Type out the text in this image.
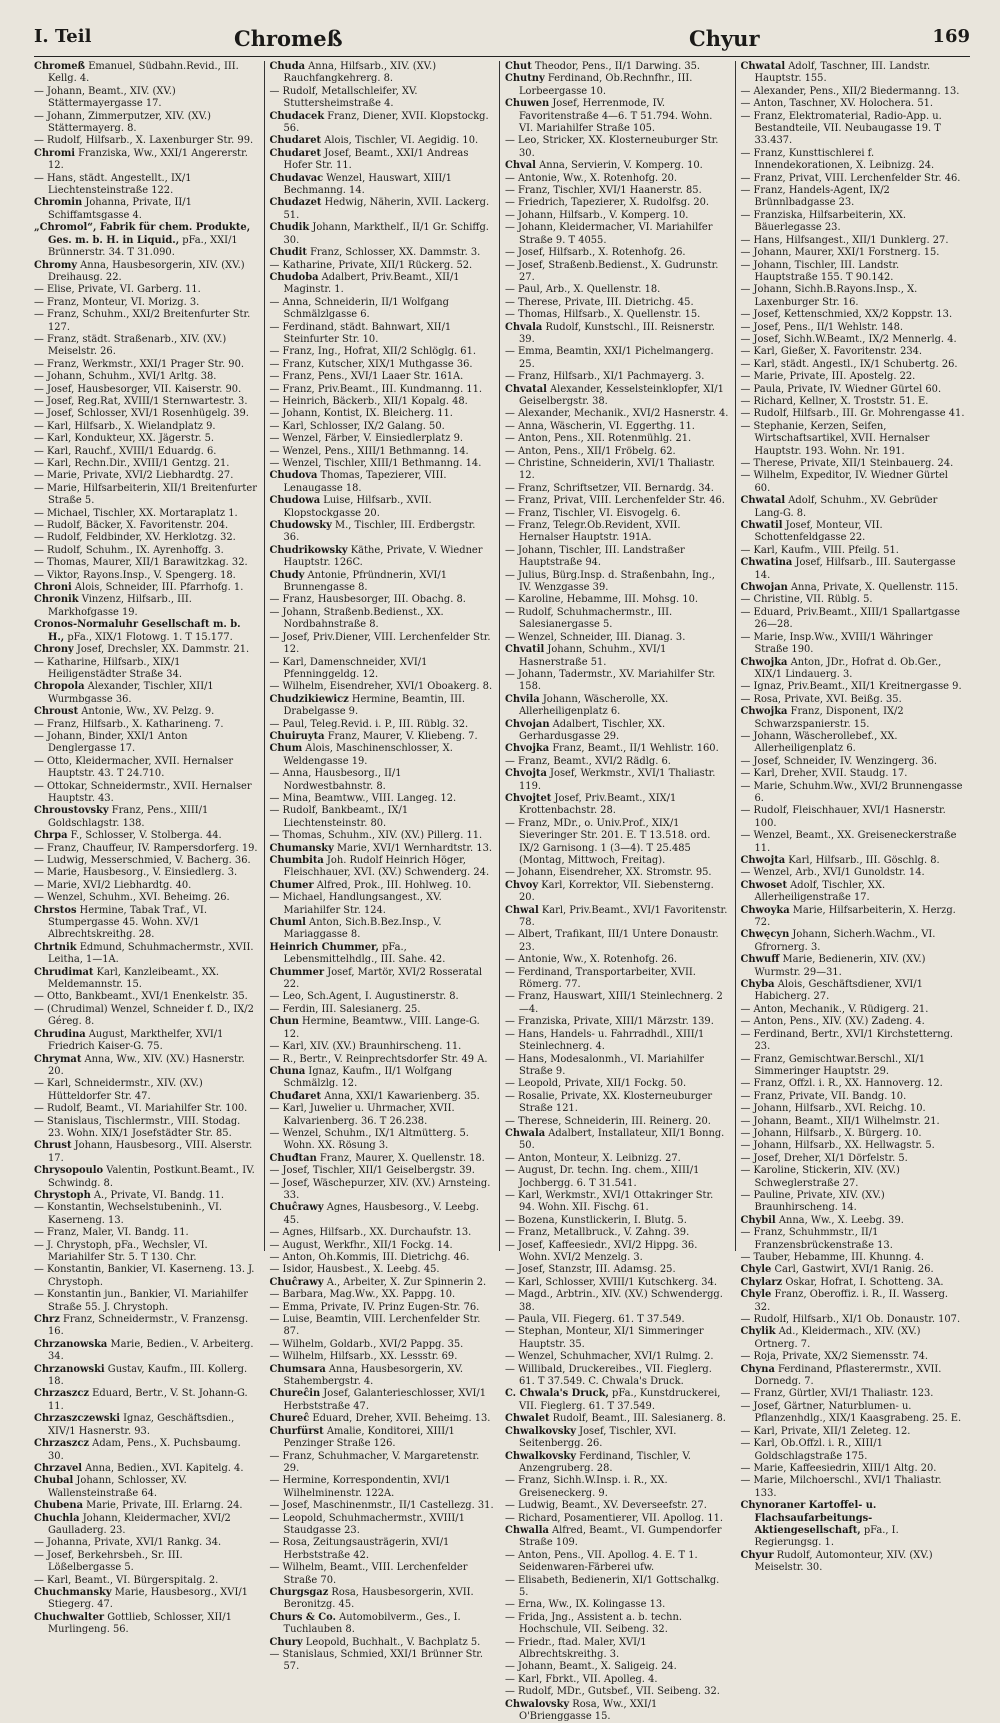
I. Teil	Chromeß	Chyur	169
Chromeß Emanuel, Südbahn.Revid., III. Kellg. 4.
— Johann, Beamt., XIV. (XV.) Stättermayergasse 17.
— Johann, Zimmerputzer, XIV. (XV.) Stättermayerg. 8.
— Rudolf, Hilfsarb., X. Laxenburger Str. 99.
Chromi Franziska, Ww., XXI/1 Angererstr. 12.
— Hans, städt. Angestellt., IX/1 Liechtensteinstraße 122.
Chromin Johanna, Private, II/1 Schiffamtsgasse 4.
„Chromol“, Fabrik für chem. Produkte, Ges. m. b. H. in Liquid., pFa., XXI/1 Brünnerstr. 34. T 31.090.
Chromy Anna, Hausbesorgerin, XIV. (XV.) Dreihausg. 22.
— Elise, Private, VI. Garberg. 11.
— Franz, Monteur, VI. Morizg. 3.
— Franz, Schuhm., XXI/2 Breitenfurter Str. 127.
— Franz, städt. Straßenarb., XIV. (XV.) Meiselstr. 26.
— Franz, Werkmstr., XXI/1 Prager Str. 90.
— Johann, Schuhm., XVI/1 Arltg. 38.
— Josef, Hausbesorger, VII. Kaiserstr. 90.
— Josef, Reg.Rat, XVIII/1 Sternwartestr. 3.
— Josef, Schlosser, XVI/1 Rosenhügelg. 39.
— Karl, Hilfsarb., X. Wielandplatz 9.
— Karl, Kondukteur, XX. Jägerstr. 5.
— Karl, Rauchf., XVIII/1 Eduardg. 6.
— Karl, Rechn.Dir., XVIII/1 Gentzg. 21.
— Marie, Private, XVI/2 Liebhardtg. 27.
— Marie, Hilfsarbeiterin, XII/1 Breitenfurter Straße 5.
— Michael, Tischler, XX. Mortaraplatz 1.
— Rudolf, Bäcker, X. Favoritenstr. 204.
— Rudolf, Feldbinder, XV. Herklotzg. 32.
— Rudolf, Schuhm., IX. Ayrenhoffg. 3.
— Thomas, Maurer, XII/1 Barawitzkag. 32.
— Viktor, Rayons.Insp., V. Spengerg. 18.
Chroni Alois, Schneider, III. Pfarrhofg. 1.
Chronik Vinzenz, Hilfsarb., III. Markhofgasse 19.
Cronos-Normaluhr Gesellschaft m. b. H., pFa., XIX/1 Flotowg. 1. T 15.177.
Chrony Josef, Drechsler, XX. Dammstr. 21.
— Katharine, Hilfsarb., XIX/1 Heiligenstädter Straße 34.
Chropola Alexander, Tischler, XII/1 Wurmbgasse 36.
Chroust Antonie, Ww., XV. Pelzg. 9.
— Franz, Hilfsarb., X. Katharineng. 7.
— Johann, Binder, XXI/1 Anton Denglergasse 17.
— Otto, Kleidermacher, XVII. Hernalser Hauptstr. 43. T 24.710.
— Ottokar, Schneidermstr., XVII. Hernalser Hauptstr. 43.
Chroustovsky Franz, Pens., XIII/1 Goldschlagstr. 138.
Chrpa F., Schlosser, V. Stolberga. 44.
— Franz, Chauffeur, IV. Rampersdorferg. 19.
— Ludwig, Messerschmied, V. Bacherg. 36.
— Marie, Hausbesorg., V. Einsiedlerg. 3.
— Marie, XVI/2 Liebhardtg. 40.
— Wenzel, Schuhm., XVI. Beheimg. 26.
Chrstos Hermine, Tabak Traf., VI. Stumpergasse 45. Wohn. XV/1 Albrechtskreithg. 28.
Chrtnik Edmund, Schuhmachermstr., XVII. Leitha, 1—1A.
Chrudimat Karl, Kanzleibeamt., XX. Meldemannstr. 15.
— Otto, Bankbeamt., XVI/1 Enenkelstr. 35.
— (Chrudimal) Wenzel, Schneider f. D., IX/2 Géreg. 8.
Chrudina August, Markthelfer, XVI/1 Friedrich Kaiser-G. 75.
Chrymat Anna, Ww., XIV. (XV.) Hasnerstr. 20.
— Karl, Schneidermstr., XIV. (XV.) Hütteldorfer Str. 47.
— Rudolf, Beamt., VI. Mariahilfer Str. 100.
— Stanislaus, Tischlermstr., VIII. Stodag. 23. Wohn. XIX/1 Josefstädter Str. 85.
Chrust Johann, Hausbesorg., VIII. Alserstr. 17.
Chrysopoulo Valentin, Postkunt.Beamt., IV. Schwindg. 8.
Chrystoph A., Private, VI. Bandg. 11.
— Konstantin, Wechselstubeninh., VI. Kaserneng. 13.
— Franz, Maler, VI. Bandg. 11.
— J. Chrystoph, pFa., Wechsler, VI. Mariahilfer Str. 5. T 130. Chr.
— Konstantin, Bankier, VI. Kaserneng. 13. J. Chrystoph.
— Konstantin jun., Bankier, VI. Mariahilfer Straße 55. J. Chrystoph.
Chrz Franz, Schneidermstr., V. Franzensg. 16.
Chrzanowska Marie, Bedien., V. Arbeiterg. 34.
Chrzanowski Gustav, Kaufm., III. Kollerg. 18.
Chrzaszcz Eduard, Bertr., V. St. Johann-G. 11.
Chrzaszczewski Ignaz, Geschäftsdien., XIV/1 Hasnerstr. 93.
Chrzaszcz Adam, Pens., X. Puchsbaumg. 30.
Chrzavel Anna, Bedien., XVI. Kapitelg. 4.
Chubal Johann, Schlosser, XV. Wallensteinstraße 64.
Chubena Marie, Private, III. Erlarng. 24.
Chuchla Johann, Kleidermacher, XVI/2 Gaulladerg. 23.
— Johanna, Private, XVI/1 Rankg. 34.
— Josef, Berkehrsbeh., Sr. III. Lößelbergasse 5.
— Karl, Beamt., VI. Bürgerspitalg. 2.
Chuchmansky Marie, Hausbesorg., XVI/1 Stiegerg. 47.
Chuchwalter Gottlieb, Schlosser, XII/1 Murlingeng. 56.
Chuda Anna, Hilfsarb., XIV. (XV.) Rauchfangkehrerg. 8.
— Rudolf, Metallschleifer, XV. Stuttersheimstraße 4.
Chudacek Franz, Diener, XVII. Klopstockg. 56.
Chudaret Alois, Tischler, VI. Aegidig. 10.
Chudaret Josef, Beamt., XXI/1 Andreas Hofer Str. 11.
Chudavac Wenzel, Hauswart, XIII/1 Bechmanng. 14.
Chudazet Hedwig, Näherin, XVII. Lackerg. 51.
Chudik Johann, Markthelf., II/1 Gr. Schiffg. 30.
Chudit Franz, Schlosser, XX. Dammstr. 3.
— Katharine, Private, XII/1 Rückerg. 52.
Chudoba Adalbert, Priv.Beamt., XII/1 Maginstr. 1.
— Anna, Schneiderin, II/1 Wolfgang Schmälzlgasse 6.
— Ferdinand, städt. Bahnwart, XII/1 Steinfurter Str. 10.
— Franz, Ing., Hofrat, XII/2 Schlöglg. 61.
— Franz, Kutscher, XIX/1 Muthgasse 36.
— Franz, Pens., XVI/1 Laaer Str. 161A.
— Franz, Priv.Beamt., III. Kundmanng. 11.
— Heinrich, Bäckerb., XII/1 Kopalg. 48.
— Johann, Kontist, IX. Bleicherg. 11.
— Karl, Schlosser, IX/2 Galang. 50.
— Wenzel, Färber, V. Einsiedlerplatz 9.
— Wenzel, Pens., XIII/1 Bethmanng. 14.
— Wenzel, Tischler, XIII/1 Bethmanng. 14.
Chudova Thomas, Tapezierer, VIII. Lenaugasse 18.
Chudowa Luise, Hilfsarb., XVII. Klopstockgasse 20.
Chudowsky M., Tischler, III. Erdbergstr. 36.
Chudrikowsky Käthe, Private, V. Wiedner Hauptstr. 126C.
Chudy Antonie, Pfründnerin, XVI/1 Brunnengasse 8.
— Franz, Hausbesorger, III. Obachg. 8.
— Johann, Straßenb.Bedienst., XX. Nordbahnstraße 8.
— Josef, Priv.Diener, VIII. Lerchenfelder Str. 12.
— Karl, Damenschneider, XVI/1 Pfenninggeldg. 12.
— Wilhelm, Eisendreher, XVI/1 Oboakerg. 8.
Chudzikiewicz Hermine, Beamtin, III. Drabelgasse 9.
— Paul, Teleg.Revid. i. P., III. Rüblg. 32.
Chuiruyta Franz, Maurer, V. Kliebeng. 7.
Chum Alois, Maschinenschlosser, X. Weldengasse 19.
— Anna, Hausbesorg., II/1 Nordwestbahnstr. 8.
— Mina, Beamtww., VIII. Langeg. 12.
— Rudolf, Bankbeamt., IX/1 Liechtensteinstr. 80.
— Thomas, Schuhm., XIV. (XV.) Pillerg. 11.
Chumansky Marie, XVI/1 Wernhardtstr. 13.
Chumbita Joh. Rudolf Heinrich Höger, Fleischhauer, XVI. (XV.) Schwenderg. 24.
Chumer Alfred, Prok., III. Hohlweg. 10.
— Michael, Handlungsangest., XV. Mariahilfer Str. 124.
Chuml Anton, Sich.B.Bez.Insp., V. Mariaggasse 8.
Heinrich Chummer, pFa., Lebensmittelhdlg., III. Sahe. 42.
Chummer Josef, Martör, XVI/2 Rosseratal 22.
— Leo, Sch.Agent, I. Augustinerstr. 8.
— Ferdin, III. Salesianerg. 25.
Chun Hermine, Beamtww., VIII. Lange-G. 12.
— Karl, XIV. (XV.) Braunhirscheng. 11.
— R., Bertr., V. Reinprechtsdorfer Str. 49 A.
Chuna Ignaz, Kaufm., II/1 Wolfgang Schmälzlg. 12.
Chuđaret Anna, XXI/1 Kawarienberg. 35.
— Karl, Juwelier u. Uhrmacher, XVII. Kalvarienberg. 36. T 26.238.
— Wenzel, Schuhm., IX/1 Altmütterg. 5. Wohn. XX. Rösung 3.
Chuđtan Franz, Maurer, X. Quellenstr. 18.
— Josef, Tischler, XII/1 Geiselbergstr. 39.
— Josef, Wäschepurzer, XIV. (XV.) Arnsteing. 33.
Chuĉrawy Agnes, Hausbesorg., V. Leebg. 45.
— Agnes, Hilfsarb., XX. Durchaufstr. 13.
— August, Werkfhr., XII/1 Fockg. 14.
— Anton, Oh.Kommis, III. Dietrichg. 46.
— Isidor, Hausbest., X. Leebg. 45.
Chuĉrawy A., Arbeiter, X. Zur Spinnerin 2.
— Barbara, Mag.Ww., XX. Pappg. 10.
— Emma, Private, IV. Prinz Eugen-Str. 76.
— Luise, Beamtin, VIII. Lerchenfelder Str. 87.
— Wilhelm, Goldarb., XVI/2 Pappg. 35.
— Wilhelm, Hilfsarb., XX. Lessstr. 69.
Chumsara Anna, Hausbesorgerin, XV. Stahembergstr. 4.
Chureĉin Josef, Galanterieschlosser, XVI/1 Herbststraße 47.
Chureĉ Eduard, Dreher, XVII. Beheimg. 13.
Churfürst Amalie, Konditorei, XIII/1 Penzinger Straße 126.
— Franz, Schuhmacher, V. Margaretenstr. 29.
— Hermine, Korrespondentin, XVI/1 Wilhelminenstr. 122A.
— Josef, Maschinenmstr., II/1 Castellezg. 31.
— Leopold, Schuhmachermstr., XVIII/1 Staudgasse 23.
— Rosa, Zeitungsausträgerin, XVI/1 Herbststraße 42.
— Wilhelm, Beamt., VIII. Lerchenfelder Straße 70.
Churgsgaz Rosa, Hausbesorgerin, XVII. Beronitzg. 45.
Churs & Co. Automobilverm., Ges., I. Tuchlauben 8.
Chury Leopold, Buchhalt., V. Bachplatz 5.
— Stanislaus, Schmied, XXI/1 Brünner Str. 57.
Chut Theodor, Pens., II/1 Darwing. 35.
Chutny Ferdinand, Ob.Rechnfhr., III. Lorbeergasse 10.
Chuwen Josef, Herrenmode, IV. Favoritenstraße 4—6. T 51.794. Wohn. VI. Mariahilfer Straße 105.
— Leo, Stricker, XX. Klosterneuburger Str. 30.
Chval Anna, Servierin, V. Komperg. 10.
— Antonie, Ww., X. Rotenhofg. 20.
— Franz, Tischler, XVI/1 Haanerstr. 85.
— Friedrich, Tapezierer, X. Rudolfsg. 20.
— Johann, Hilfsarb., V. Komperg. 10.
— Johann, Kleidermacher, VI. Mariahilfer Straße 9. T 4055.
— Josef, Hilfsarb., X. Rotenhofg. 26.
— Josef, Straßenb.Bedienst., X. Gudrunstr. 27.
— Paul, Arb., X. Quellenstr. 18.
— Therese, Private, III. Dietrichg. 45.
— Thomas, Hilfsarb., X. Quellenstr. 15.
Chvala Rudolf, Kunstschl., III. Reisnerstr. 39.
— Emma, Beamtin, XXI/1 Pichelmangerg. 25.
— Franz, Hilfsarb., XI/1 Pachmayerg. 3.
Chvatal Alexander, Kesselsteinklopfer, XI/1 Geiselbergstr. 38.
— Alexander, Mechanik., XVI/2 Hasnerstr. 4.
— Anna, Wäscherin, VI. Eggerthg. 11.
— Anton, Pens., XII. Rotenmühlg. 21.
— Anton, Pens., XII/1 Fröbelg. 62.
— Christine, Schneiderin, XVI/1 Thaliastr. 12.
— Franz, Schriftsetzer, VII. Bernardg. 34.
— Franz, Privat, VIII. Lerchenfelder Str. 46.
— Franz, Tischler, VI. Eisvogelg. 6.
— Franz, Telegr.Ob.Revident, XVII. Hernalser Hauptstr. 191A.
— Johann, Tischler, III. Landstraßer Hauptstraße 94.
— Julius, Bürg.Insp. d. Straßenbahn, Ing., IV. Wenzgasse 39.
— Karoline, Hebamme, III. Mohsg. 10.
— Rudolf, Schuhmachermstr., III. Salesianergasse 5.
— Wenzel, Schneider, III. Dianag. 3.
Chvatil Johann, Schuhm., XVI/1 Hasnerstraße 51.
— Johann, Tadermstr., XV. Mariahilfer Str. 158.
Chvila Johann, Wäscherolle, XX. Allerheiligenplatz 6.
Chvojan Adalbert, Tischler, XX. Gerhardusgasse 29.
Chvojka Franz, Beamt., II/1 Wehlistr. 160.
— Franz, Beamt., XVI/2 Rädlg. 6.
Chvojta Josef, Werkmstr., XVI/1 Thaliastr. 119.
Chvojtet Josef, Priv.Beamt., XIX/1 Krottenbachstr. 28.
— Franz, MDr., o. Univ.Prof., XIX/1 Sieveringer Str. 201. E. T 13.518. ord. IX/2 Garnisong. 1 (3—4). T 25.485 (Montag, Mittwoch, Freitag).
— Johann, Eisendreher, XX. Stromstr. 95.
Chvoy Karl, Korrektor, VII. Siebensterng. 20.
Chwal Karl, Priv.Beamt., XVI/1 Favoritenstr. 78.
— Albert, Trafikant, III/1 Untere Donaustr. 23.
— Antonie, Ww., X. Rotenhofg. 26.
— Ferdinand, Transportarbeiter, XVII. Römerg. 77.
— Franz, Hauswart, XIII/1 Steinlechnerg. 2—4.
— Franziska, Private, XIII/1 Märzstr. 139.
— Hans, Handels- u. Fahrradhdl., XIII/1 Steinlechnerg. 4.
— Hans, Modesalonmh., VI. Mariahilfer Straße 9.
— Leopold, Private, XII/1 Fockg. 50.
— Rosalie, Private, XX. Klosterneuburger Straße 121.
— Therese, Schneiderin, III. Reinerg. 20.
Chwala Adalbert, Installateur, XII/1 Bonng. 50.
— Anton, Monteur, X. Leibnizg. 27.
— August, Dr. techn. Ing. chem., XIII/1 Jochbergg. 6. T 31.541.
— Karl, Werkmstr., XVI/1 Ottakringer Str. 94. Wohn. XII. Fischg. 61.
— Bozena, Kunstlickerin, I. Blutg. 5.
— Franz, Metallbruck., V. Zahng. 39.
— Josef, Kaffeesiedr., XVI/2 Hippg. 36. Wohn. XVI/2 Menzelg. 3.
— Josef, Stanzstr, III. Adamsg. 25.
— Karl, Schlosser, XVIII/1 Kutschkerg. 34.
— Magd., Arbtrin., XIV. (XV.) Schwendergg. 38.
— Paula, VII. Fiegerg. 61. T 37.549.
— Stephan, Monteur, XI/1 Simmeringer Hauptstr. 35.
— Wenzel, Schuhmacher, XVI/1 Rulmg. 2.
— Willibald, Druckereibes., VII. Fieglerg. 61. T 37.549. C. Chwala's Druck.
C. Chwala's Druck, pFa., Kunstdruckerei, VII. Fieglerg. 61. T 37.549.
Chwalet Rudolf, Beamt., III. Salesianerg. 8.
Chwalkovsky Josef, Tischler, XVI. Seitenbergg. 26.
Chwalkovsky Ferdinand, Tischler, V. Anzengruberg. 28.
— Franz, Sichh.W.Insp. i. R., XX. Greiseneckerg. 9.
— Ludwig, Beamt., XV. Deverseefstr. 27.
— Richard, Posamentierer, VII. Apollog. 11.
Chwalla Alfred, Beamt., VI. Gumpendorfer Straße 109.
— Anton, Pens., VII. Apollog. 4. E. T 1. Seidenwaren-Färberei ufw.
— Elisabeth, Bedienerin, XI/1 Gottschalkg. 5.
— Erna, Ww., IX. Kolingasse 13.
— Frida, Jng., Assistent a. b. techn. Hochschule, VII. Seibeng. 32.
— Friedr., ftad. Maler, XVI/1 Albrechtskreithg. 3.
— Johann, Beamt., X. Saligeig. 24.
— Karl, Fbrkt., VII. Apolleg. 4.
— Rudolf, MDr., Gutsbef., VII. Seibeng. 32.
Chwalovsky Rosa, Ww., XXI/1 O'Brienggasse 15.
Chwatal Adolf, Taschner, III. Landstr. Hauptstr. 155.
— Alexander, Pens., XII/2 Biedermanng. 13.
— Anton, Taschner, XV. Holochera. 51.
— Franz, Elektromaterial, Radio-App. u. Bestandteile, VII. Neubaugasse 19. T 33.437.
— Franz, Kunsttischlerei f. Innendekorationen, X. Leibnizg. 24.
— Franz, Privat, VIII. Lerchenfelder Str. 46.
— Franz, Handels-Agent, IX/2 Brünnlbadgasse 23.
— Franziska, Hilfsarbeiterin, XX. Bäuerlegasse 23.
— Hans, Hilfsangest., XII/1 Dunklerg. 27.
— Johann, Maurer, XXI/1 Forstnerg. 15.
— Johann, Tischler, III. Landstr. Hauptstraße 155. T 90.142.
— Johann, Sichh.B.Rayons.Insp., X. Laxenburger Str. 16.
— Josef, Kettenschmied, XX/2 Koppstr. 13.
— Josef, Pens., II/1 Wehlstr. 148.
— Josef, Sichh.W.Beamt., IX/2 Mennerlg. 4.
— Karl, Gießer, X. Favoritenstr. 234.
— Karl, städt. Angestl., IX/1 Schubertg. 26.
— Marie, Private, III. Apostelg. 22.
— Paula, Private, IV. Wiedner Gürtel 60.
— Richard, Kellner, X. Troststr. 51. E.
— Rudolf, Hilfsarb., III. Gr. Mohrengasse 41.
— Stephanie, Kerzen, Seifen, Wirtschaftsartikel, XVII. Hernalser Hauptstr. 193. Wohn. Nr. 191.
— Therese, Private, XII/1 Steinbauerg. 24.
— Wilhelm, Expeditor, IV. Wiedner Gürtel 60.
Chwatal Adolf, Schuhm., XV. Gebrüder Lang-G. 8.
Chwatil Josef, Monteur, VII. Schottenfeldgasse 22.
— Karl, Kaufm., VIII. Pfeilg. 51.
Chwatina Josef, Hilfsarb., III. Sautergasse 14.
Chwojan Anna, Private, X. Quellenstr. 115.
— Christine, VII. Rüblg. 5.
— Eduard, Priv.Beamt., XIII/1 Spallartgasse 26—28.
— Marie, Insp.Ww., XVIII/1 Währinger Straße 190.
Chwojka Anton, JDr., Hofrat d. Ob.Ger., XIX/1 Lindauerg. 3.
— Ignaz, Priv.Beamt., XII/1 Kreitnergasse 9.
— Rosa, Private, XVI. Beißg. 35.
Chwojka Franz, Disponent, IX/2 Schwarzspanierstr. 15.
— Johann, Wäscherollebef., XX. Allerheiligenplatz 6.
— Josef, Schneider, IV. Wenzingerg. 36.
— Karl, Dreher, XVII. Staudg. 17.
— Marie, Schuhm.Ww., XVI/2 Brunnengasse 6.
— Rudolf, Fleischhauer, XVI/1 Hasnerstr. 100.
— Wenzel, Beamt., XX. Greiseneckerstraße 11.
Chwojta Karl, Hilfsarb., III. Göschlg. 8.
— Wenzel, Arb., XVI/1 Gunoldstr. 14.
Chwoset Adolf, Tischler, XX. Allerheiligenstraße 17.
Chwoyka Marie, Hilfsarbeiterin, X. Herzg. 72.
Chwęcyn Johann, Sicherh.Wachm., VI. Gfrornerg. 3.
Chwuff Marie, Bedienerin, XIV. (XV.) Wurmstr. 29—31.
Chyba Alois, Geschäftsdiener, XVI/1 Habicherg. 27.
— Anton, Mechanik., V. Rüdigerg. 21.
— Anton, Pens., XIV. (XV.) Zadeng. 4.
— Ferdinand, Bertr., XVI/1 Kirchstetterng. 23.
— Franz, Gemischtwar.Berschl., XI/1 Simmeringer Hauptstr. 29.
— Franz, Offzl. i. R., XX. Hannoverg. 12.
— Franz, Private, VII. Bandg. 10.
— Johann, Hilfsarb., XVI. Reichg. 10.
— Johann, Beamt., XII/1 Wilhelmstr. 21.
— Johann, Hilfsarb., X. Bürgerg. 10.
— Johann, Hilfsarb., XX. Hellwagstr. 5.
— Josef, Dreher, XI/1 Dörfelstr. 5.
— Karoline, Stickerin, XIV. (XV.) Schweglerstraße 27.
— Pauline, Private, XIV. (XV.) Braunhirscheng. 14.
Chybil Anna, Ww., X. Leebg. 39.
— Franz, Schuhmmstr., II/1 Franzensbrückenstraße 13.
— Tauber, Hebamme, III. Khunng. 4.
Chyle Carl, Gastwirt, XVI/1 Ranig. 26.
Chylarz Oskar, Hofrat, I. Schotteng. 3A.
Chyle Franz, Oberoffiz. i. R., II. Wasserg. 32.
— Rudolf, Hilfsarb., XI/1 Ob. Donaustr. 107.
Chylik Ad., Kleidermach., XIV. (XV.) Ortnerg. 7.
— Roja, Private, XX/2 Siemensstr. 74.
Chyna Ferdinand, Pflasterermstr., XVII. Dornedg. 7.
— Franz, Gürtler, XVI/1 Thaliastr. 123.
— Josef, Gärtner, Naturblumen- u. Pflanzenhdlg., XIX/1 Kaasgrabeng. 25. E.
— Karl, Private, XII/1 Zeleteg. 12.
— Karl, Ob.Offzl. i. R., XIII/1 Goldschlagstraße 175.
— Marie, Kaffeesiedrin, XIII/1 Altg. 20.
— Marie, Milchoerschl., XVI/1 Thaliastr. 133.
Chynoraner Kartoffel- u. Flachsaufarbeitungs-Aktiengesellschaft, pFa., I. Regierungsg. 1.
Chyur Rudolf, Automonteur, XIV. (XV.) Meiselstr. 30.
